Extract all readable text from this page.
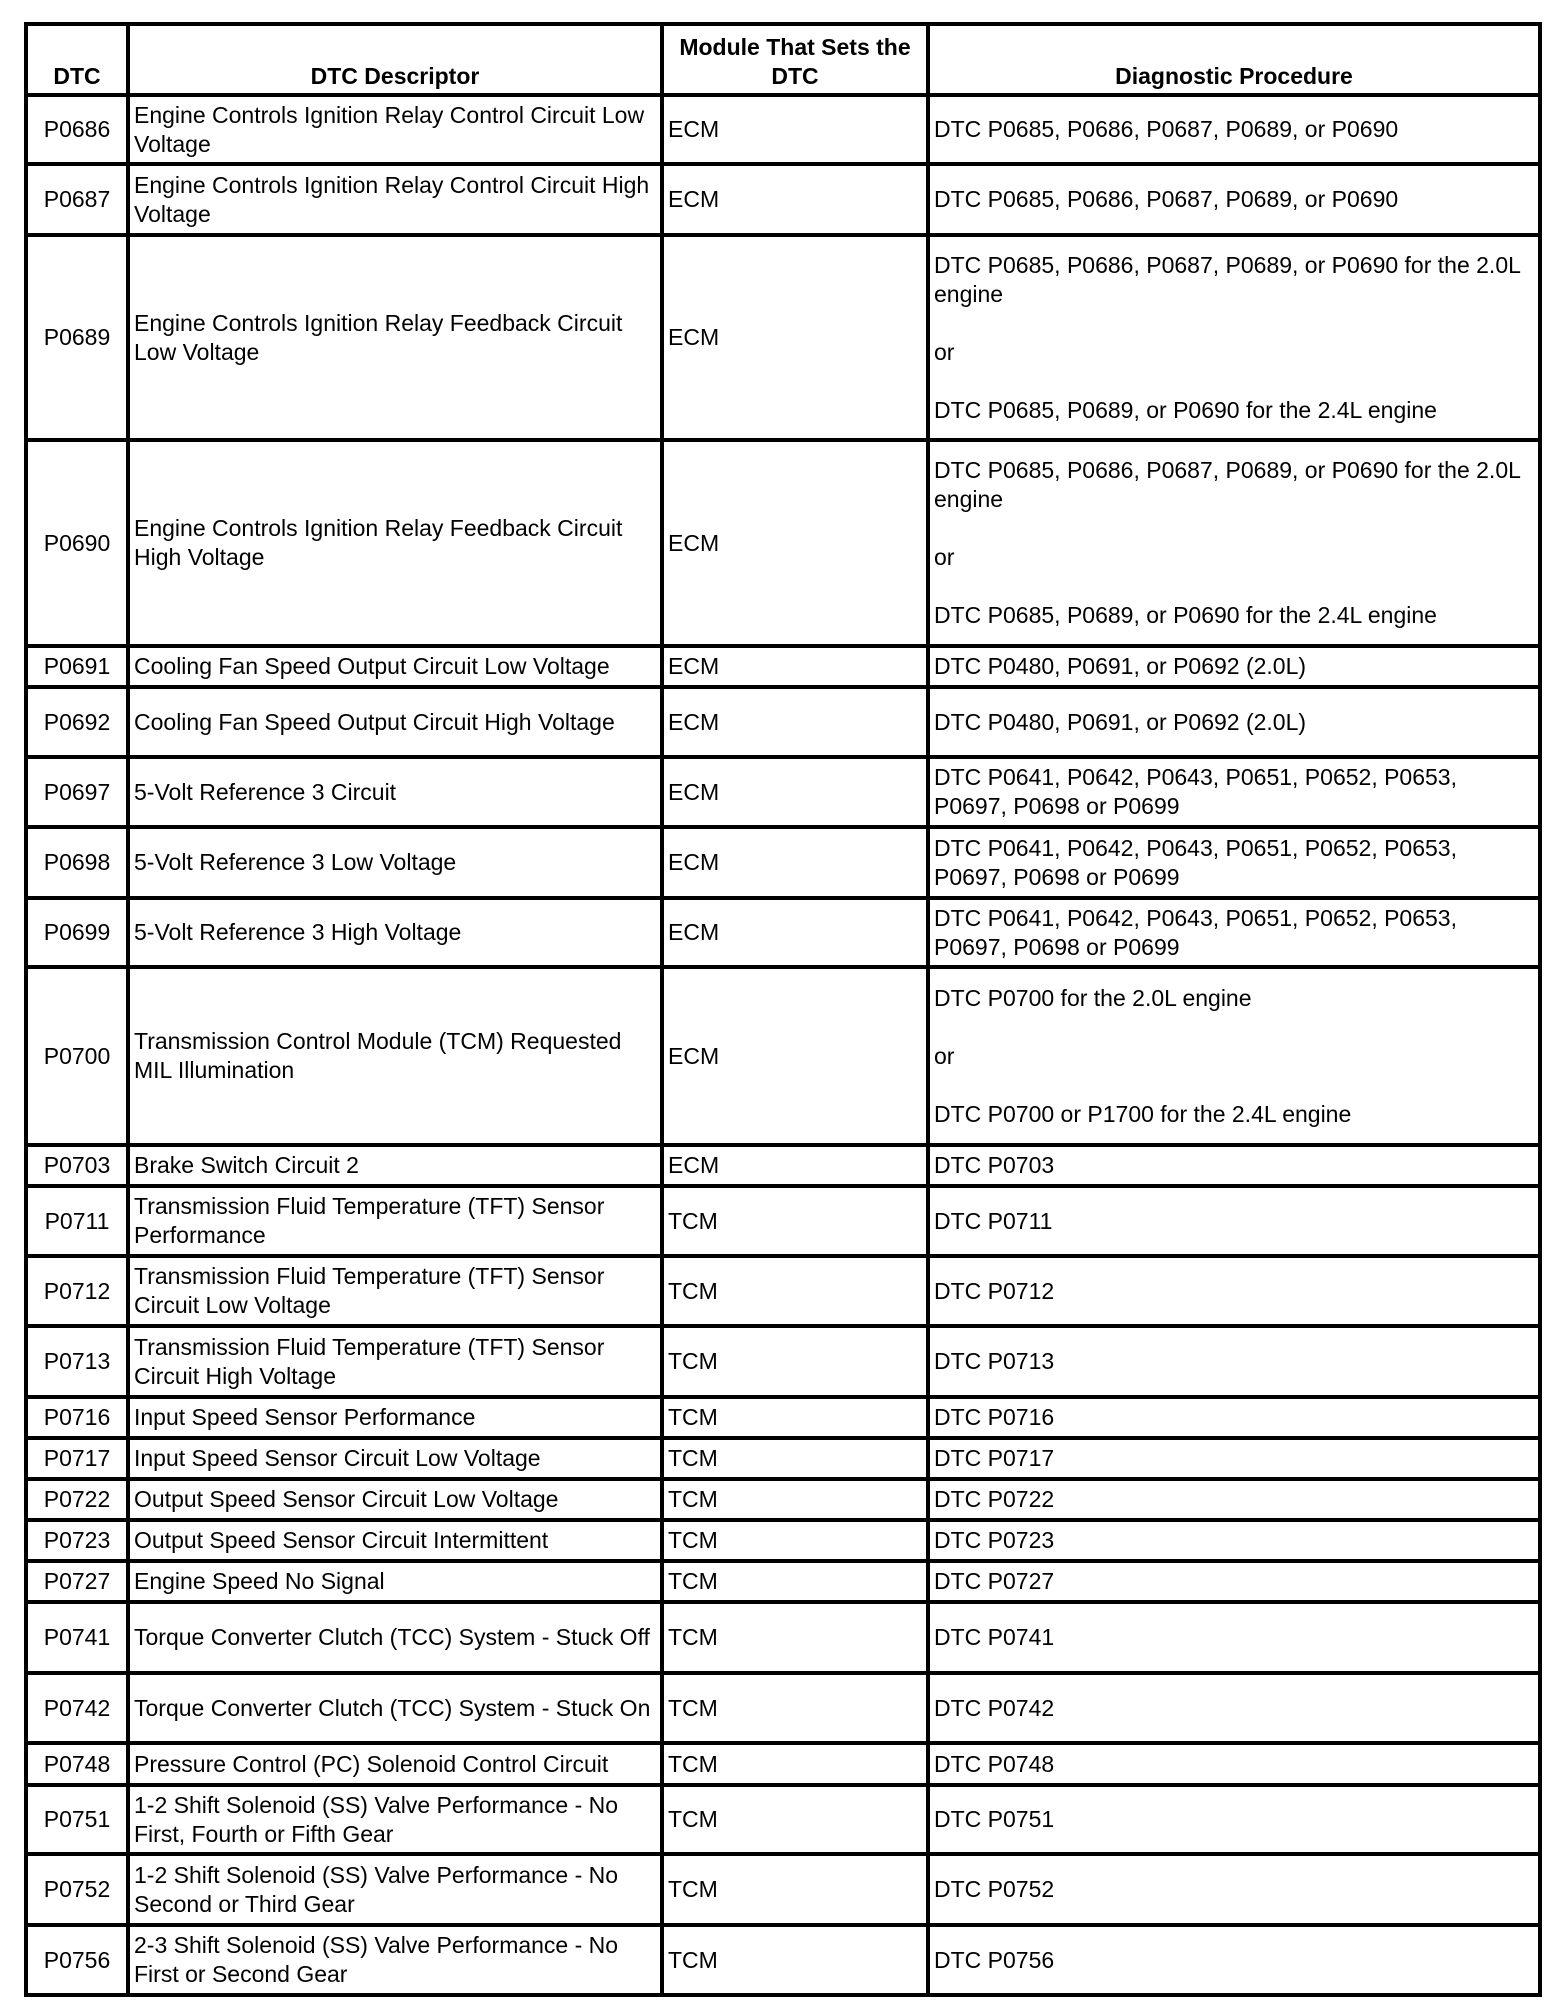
DTC	DTC Descriptor	Module That Sets the DTC	Diagnostic Procedure
P0686	Engine Controls Ignition Relay Control Circuit Low Voltage	ECM	DTC P0685, P0686, P0687, P0689, or P0690
P0687	Engine Controls Ignition Relay Control Circuit High Voltage	ECM	DTC P0685, P0686, P0687, P0689, or P0690
P0689	Engine Controls Ignition Relay Feedback Circuit Low Voltage	ECM	DTC P0685, P0686, P0687, P0689, or P0690 for the 2.0L engine

or

DTC P0685, P0689, or P0690 for the 2.4L engine
P0690	Engine Controls Ignition Relay Feedback Circuit High Voltage	ECM	DTC P0685, P0686, P0687, P0689, or P0690 for the 2.0L engine

or

DTC P0685, P0689, or P0690 for the 2.4L engine
P0691	Cooling Fan Speed Output Circuit Low Voltage	ECM	DTC P0480, P0691, or P0692 (2.0L)
P0692	Cooling Fan Speed Output Circuit High Voltage	ECM	DTC P0480, P0691, or P0692 (2.0L)
P0697	5-Volt Reference 3 Circuit	ECM	DTC P0641, P0642, P0643, P0651, P0652, P0653, P0697, P0698 or P0699
P0698	5-Volt Reference 3 Low Voltage	ECM	DTC P0641, P0642, P0643, P0651, P0652, P0653, P0697, P0698 or P0699
P0699	5-Volt Reference 3 High Voltage	ECM	DTC P0641, P0642, P0643, P0651, P0652, P0653, P0697, P0698 or P0699
P0700	Transmission Control Module (TCM) Requested MIL Illumination	ECM	DTC P0700 for the 2.0L engine

or

DTC P0700 or P1700 for the 2.4L engine
P0703	Brake Switch Circuit 2	ECM	DTC P0703
P0711	Transmission Fluid Temperature (TFT) Sensor Performance	TCM	DTC P0711
P0712	Transmission Fluid Temperature (TFT) Sensor Circuit Low Voltage	TCM	DTC P0712
P0713	Transmission Fluid Temperature (TFT) Sensor Circuit High Voltage	TCM	DTC P0713
P0716	Input Speed Sensor Performance	TCM	DTC P0716
P0717	Input Speed Sensor Circuit Low Voltage	TCM	DTC P0717
P0722	Output Speed Sensor Circuit Low Voltage	TCM	DTC P0722
P0723	Output Speed Sensor Circuit Intermittent	TCM	DTC P0723
P0727	Engine Speed No Signal	TCM	DTC P0727
P0741	Torque Converter Clutch (TCC) System - Stuck Off	TCM	DTC P0741
P0742	Torque Converter Clutch (TCC) System - Stuck On	TCM	DTC P0742
P0748	Pressure Control (PC) Solenoid Control Circuit	TCM	DTC P0748
P0751	1-2 Shift Solenoid (SS) Valve Performance - No First, Fourth or Fifth Gear	TCM	DTC P0751
P0752	1-2 Shift Solenoid (SS) Valve Performance - No Second or Third Gear	TCM	DTC P0752
P0756	2-3 Shift Solenoid (SS) Valve Performance - No First or Second Gear	TCM	DTC P0756
